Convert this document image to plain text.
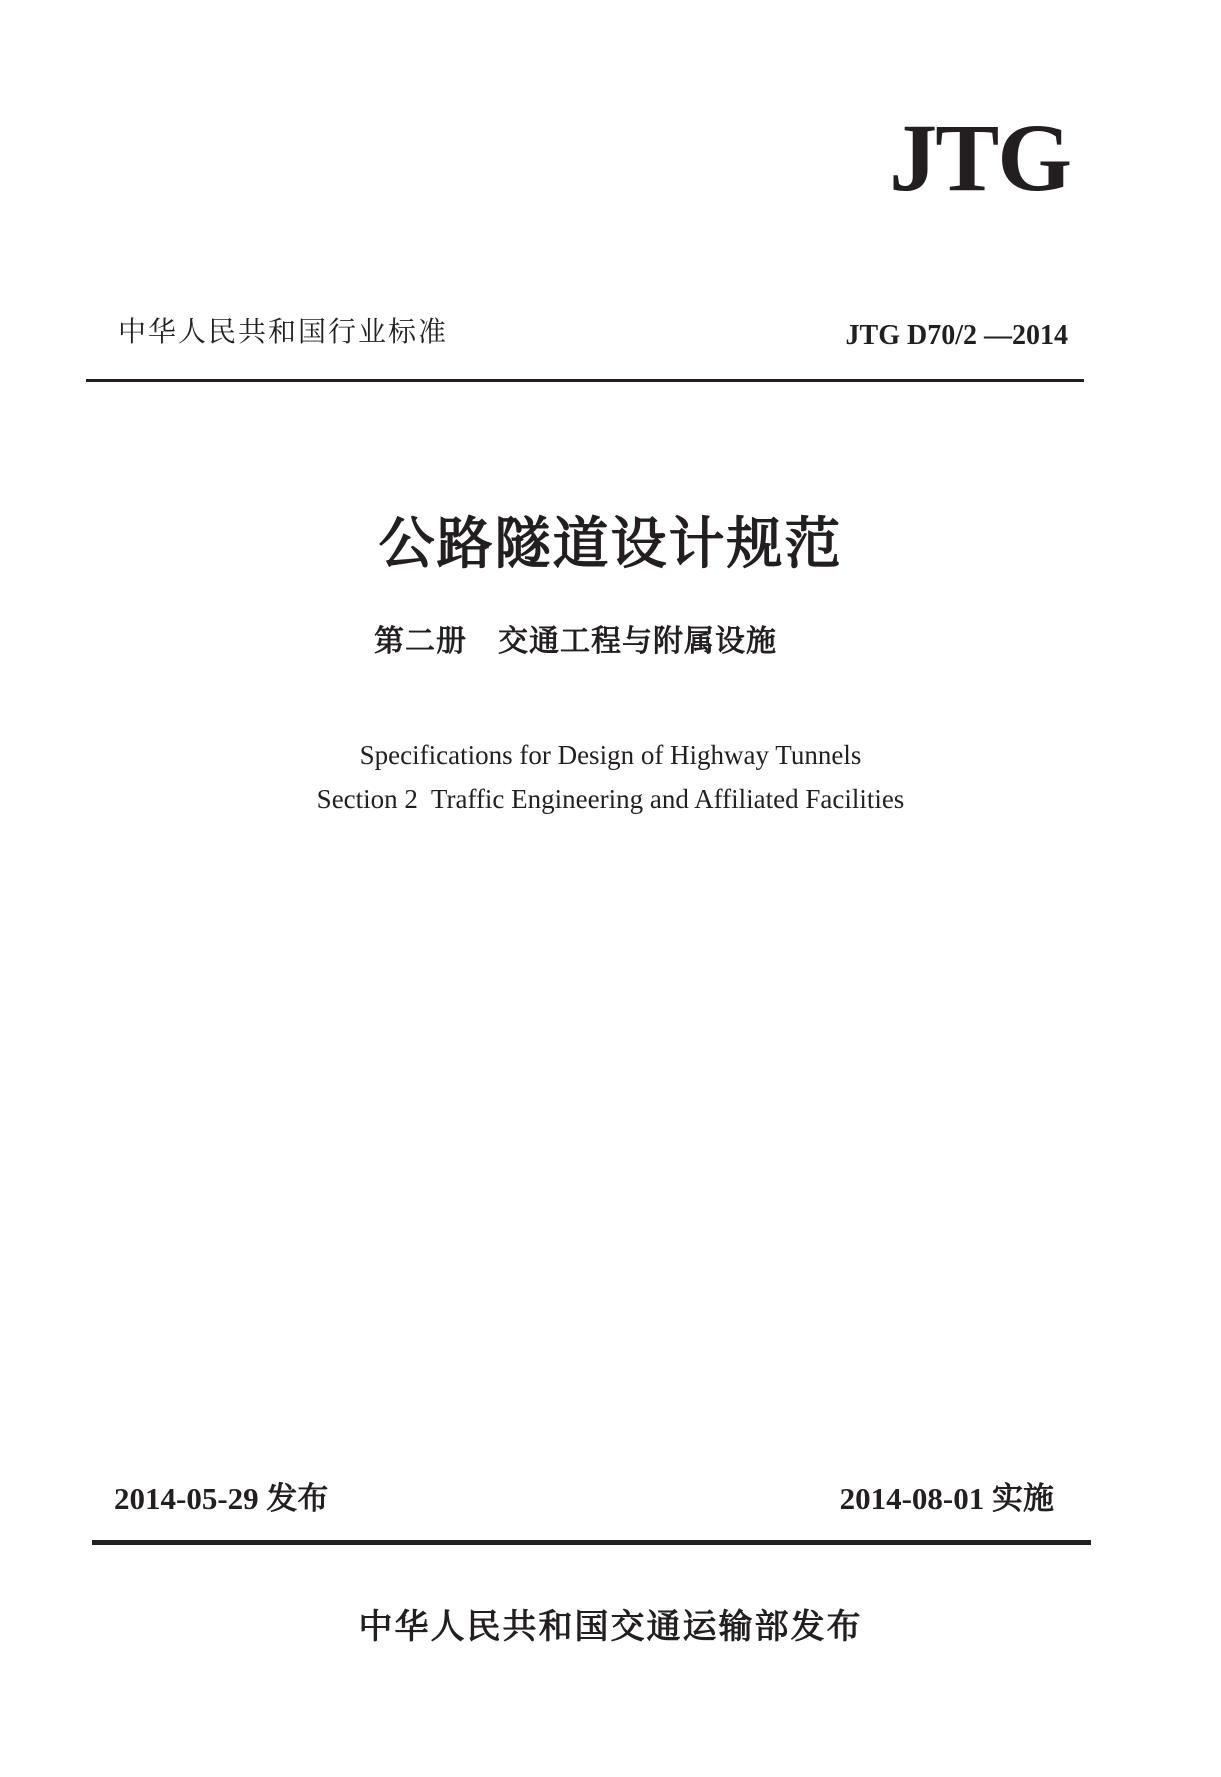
JTG
中华人民共和国行业标准	JTG D70/2 —2014
公路隧道设计规范
第二册　交通工程与附属设施
Specifications for Design of Highway Tunnels
Section 2  Traffic Engineering and Affiliated Facilities
2014-05-29 发布	2014-08-01 实施
中华人民共和国交通运输部发布
